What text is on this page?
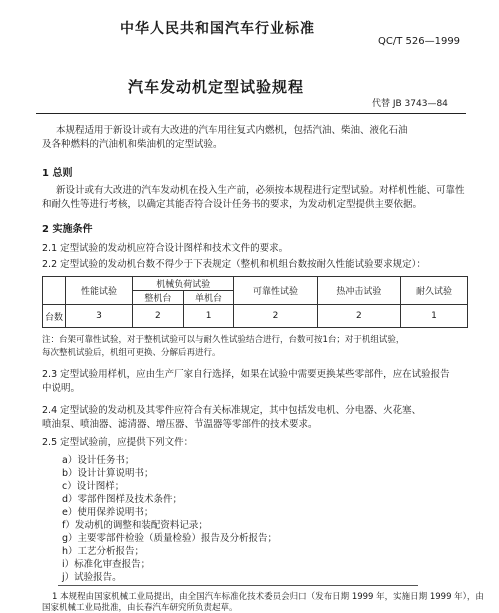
中华人民共和国汽车行业标准
QC/T 526—1999
汽车发动机定型试验规程
代替 JB 3743—84
本规程适用于新设计或有大改进的汽车用往复式内燃机，包括汽油、柴油、液化石油
及各种燃料的汽油机和柴油机的定型试验。
1 总则
新设计或有大改进的汽车发动机在投入生产前，必须按本规程进行定型试验。对样机性能、可靠性
和耐久性等进行考核，以确定其能否符合设计任务书的要求，为发动机定型提供主要依据。
2 实施条件
2.1 定型试验的发动机应符合设计图样和技术文件的要求。
2.2 定型试验的发动机台数不得少于下表规定（整机和机组台数按耐久性能试验要求规定）：
	性能试验	机械负荷试验		可靠性试验	热冲击试验	耐久试验
		整机台	单机台			
台数	3	2	1	2	2	1
注：台架可靠性试验，对于整机试验可以与耐久性试验结合进行，台数可按1台；对于机组试验，
每次整机试验后，机组可更换、分解后再进行。
2.3 定型试验用样机，应由生产厂家自行选择，如果在试验中需要更换某些零部件，应在试验报告
中说明。
2.4 定型试验的发动机及其零件应符合有关标准规定，其中包括发电机、分电器、火花塞、
喷油泵、喷油器、滤清器、增压器、节温器等零部件的技术要求。
2.5 定型试验前，应提供下列文件：
a）设计任务书；
b）设计计算说明书；
c）设计图样；
d）零部件图样及技术条件；
e）使用保养说明书；
f）发动机的调整和装配资料记录；
g）主要零部件检验（质量检验）报告及分析报告；
h）工艺分析报告；
i）标准化审查报告；
j）试验报告。
1 本规程由国家机械工业局提出，由全国汽车标准化技术委员会归口（发布日期 1999 年，实施日期 1999 年），由
国家机械工业局批准，由长春汽车研究所负责起草。
